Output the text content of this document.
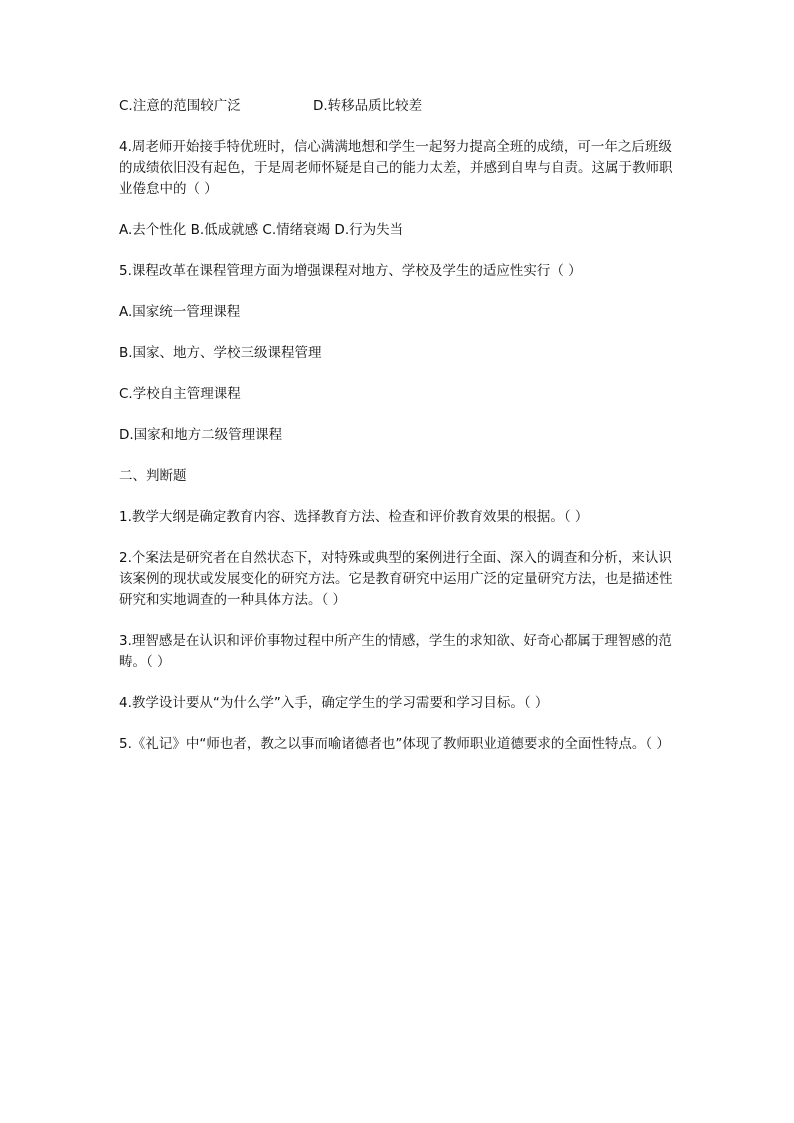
C.注意的范围较广泛	D.转移品质比较差

4.周老师开始接手特优班时，信心满满地想和学生一起努力提高全班的成绩，可一年之后班级的成绩依旧没有起色，于是周老师怀疑是自己的能力太差，并感到自卑与自责。这属于教师职业倦怠中的（ ）

A.去个性化 B.低成就感 C.情绪衰竭 D.行为失当

5.课程改革在课程管理方面为增强课程对地方、学校及学生的适应性实行（ ）

A.国家统一管理课程

B.国家、地方、学校三级课程管理

C.学校自主管理课程

D.国家和地方二级管理课程

二、判断题

1.教学大纲是确定教育内容、选择教育方法、检查和评价教育效果的根据。（ ）

2.个案法是研究者在自然状态下，对特殊或典型的案例进行全面、深入的调查和分析，来认识该案例的现状或发展变化的研究方法。它是教育研究中运用广泛的定量研究方法，也是描述性研究和实地调查的一种具体方法。（ ）

3.理智感是在认识和评价事物过程中所产生的情感，学生的求知欲、好奇心都属于理智感的范畴。（ ）

4.教学设计要从“为什么学”入手，确定学生的学习需要和学习目标。（ ）

5.《礼记》中“师也者，教之以事而喻诸德者也”体现了教师职业道德要求的全面性特点。（ ）
